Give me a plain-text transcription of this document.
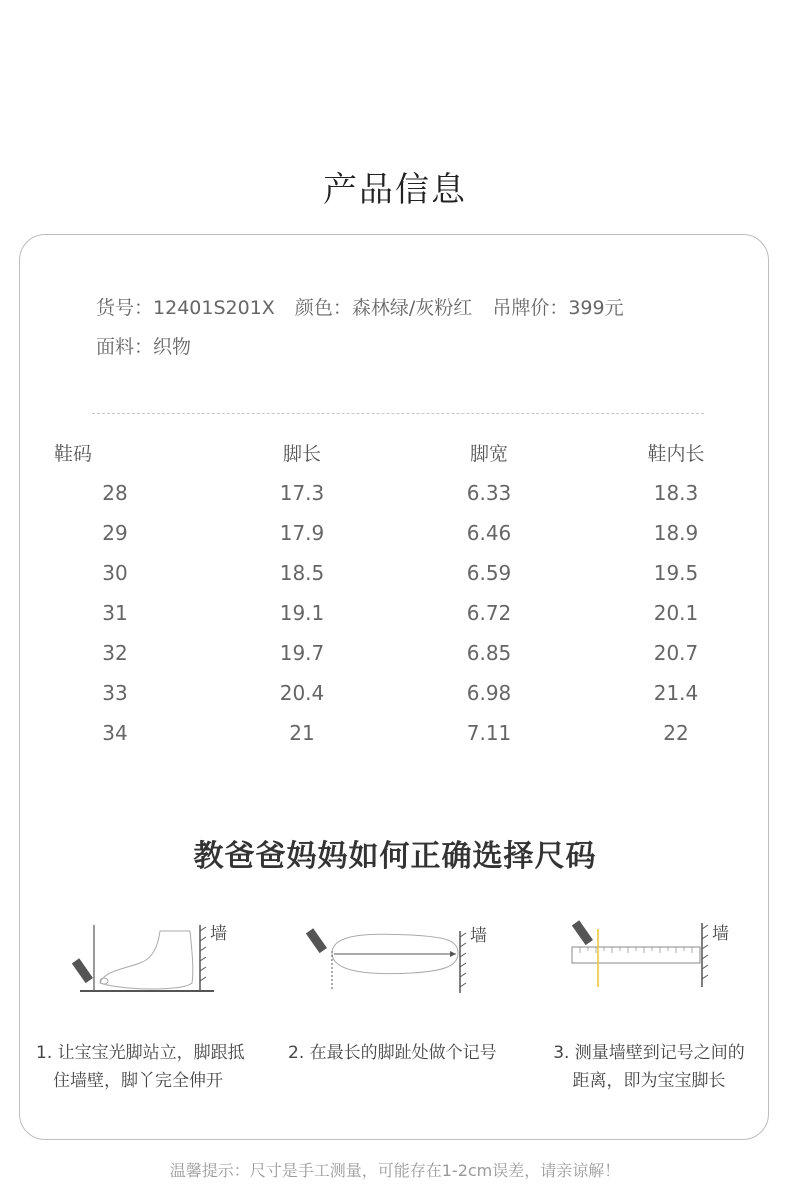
产品信息
货号：12401S201X 颜色：森林绿/灰粉红 吊牌价：399元
面料：织物
鞋码	脚长	脚宽	鞋内长
28	17.3	6.33	18.3
29	17.9	6.46	18.9
30	18.5	6.59	19.5
31	19.1	6.72	20.1
32	19.7	6.85	20.7
33	20.4	6.98	21.4
34	21	7.11	22
教爸爸妈妈如何正确选择尺码
墙	墙	墙
1. 让宝宝光脚站立，脚跟抵
住墙壁，脚丫完全伸开
2. 在最长的脚趾处做个记号	3. 测量墙壁到记号之间的
距离，即为宝宝脚长
温馨提示：尺寸是手工测量，可能存在1-2cm误差，请亲谅解！
